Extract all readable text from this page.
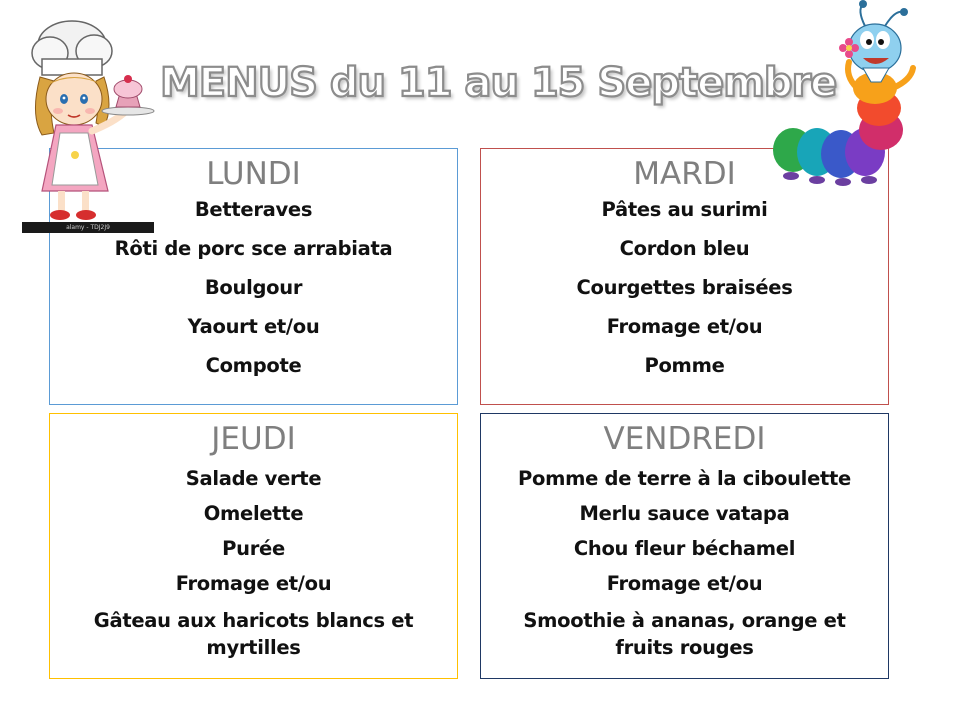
MENUS du 11 au 15 Septembre
LUNDI
Betteraves
Rôti de porc sce arrabiata
Boulgour
Yaourt et/ou
Compote
MARDI
Pâtes au surimi
Cordon bleu
Courgettes braisées
Fromage et/ou
Pomme
JEUDI
Salade verte
Omelette
Purée
Fromage et/ou
Gâteau aux haricots blancs et myrtilles
VENDREDI
Pomme de terre à la ciboulette
Merlu sauce vatapa
Chou fleur béchamel
Fromage et/ou
Smoothie à ananas, orange et fruits rouges
alamy - TDJ2J9
